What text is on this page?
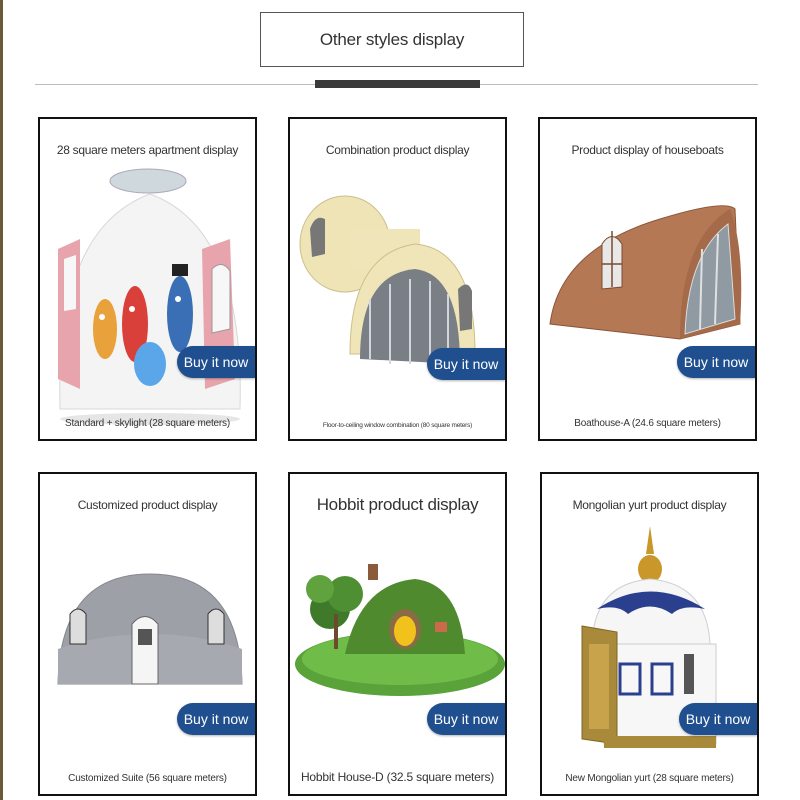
Other styles display
28 square meters apartment display
Buy it now
Standard + skylight (28 square meters)
Combination product display
Buy it now
Floor-to-ceiling window combination (80 square meters)
Product display of houseboats
Buy it now
Boathouse-A (24.6 square meters)
Customized product display
Buy it now
Customized Suite (56 square meters)
Hobbit product display
Buy it now
Hobbit House-D (32.5 square meters)
Mongolian yurt product display
Buy it now
New Mongolian yurt (28 square meters)
